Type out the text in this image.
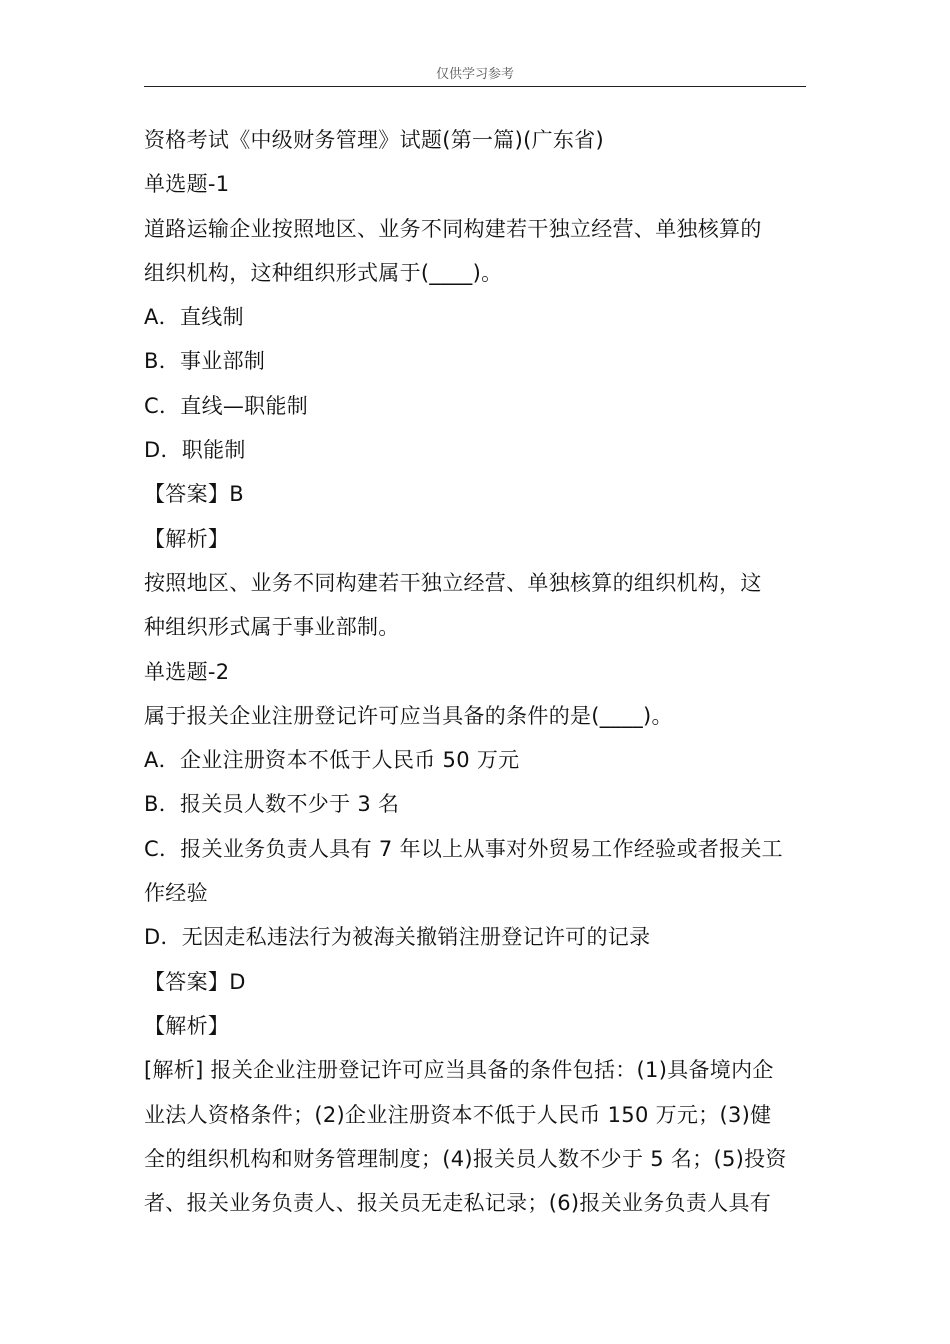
仅供学习参考
资格考试《中级财务管理》试题(第一篇)(广东省)
单选题-1
道路运输企业按照地区、业务不同构建若干独立经营、单独核算的
组织机构，这种组织形式属于(____)。
A．直线制
B．事业部制
C．直线—职能制
D．职能制
【答案】B
【解析】
按照地区、业务不同构建若干独立经营、单独核算的组织机构，这
种组织形式属于事业部制。
单选题-2
属于报关企业注册登记许可应当具备的条件的是(____)。
A．企业注册资本不低于人民币 50 万元
B．报关员人数不少于 3 名
C．报关业务负责人具有 7 年以上从事对外贸易工作经验或者报关工
作经验
D．无因走私违法行为被海关撤销注册登记许可的记录
【答案】D
【解析】
[解析] 报关企业注册登记许可应当具备的条件包括：(1)具备境内企
业法人资格条件；(2)企业注册资本不低于人民币 150 万元；(3)健
全的组织机构和财务管理制度；(4)报关员人数不少于 5 名；(5)投资
者、报关业务负责人、报关员无走私记录；(6)报关业务负责人具有
